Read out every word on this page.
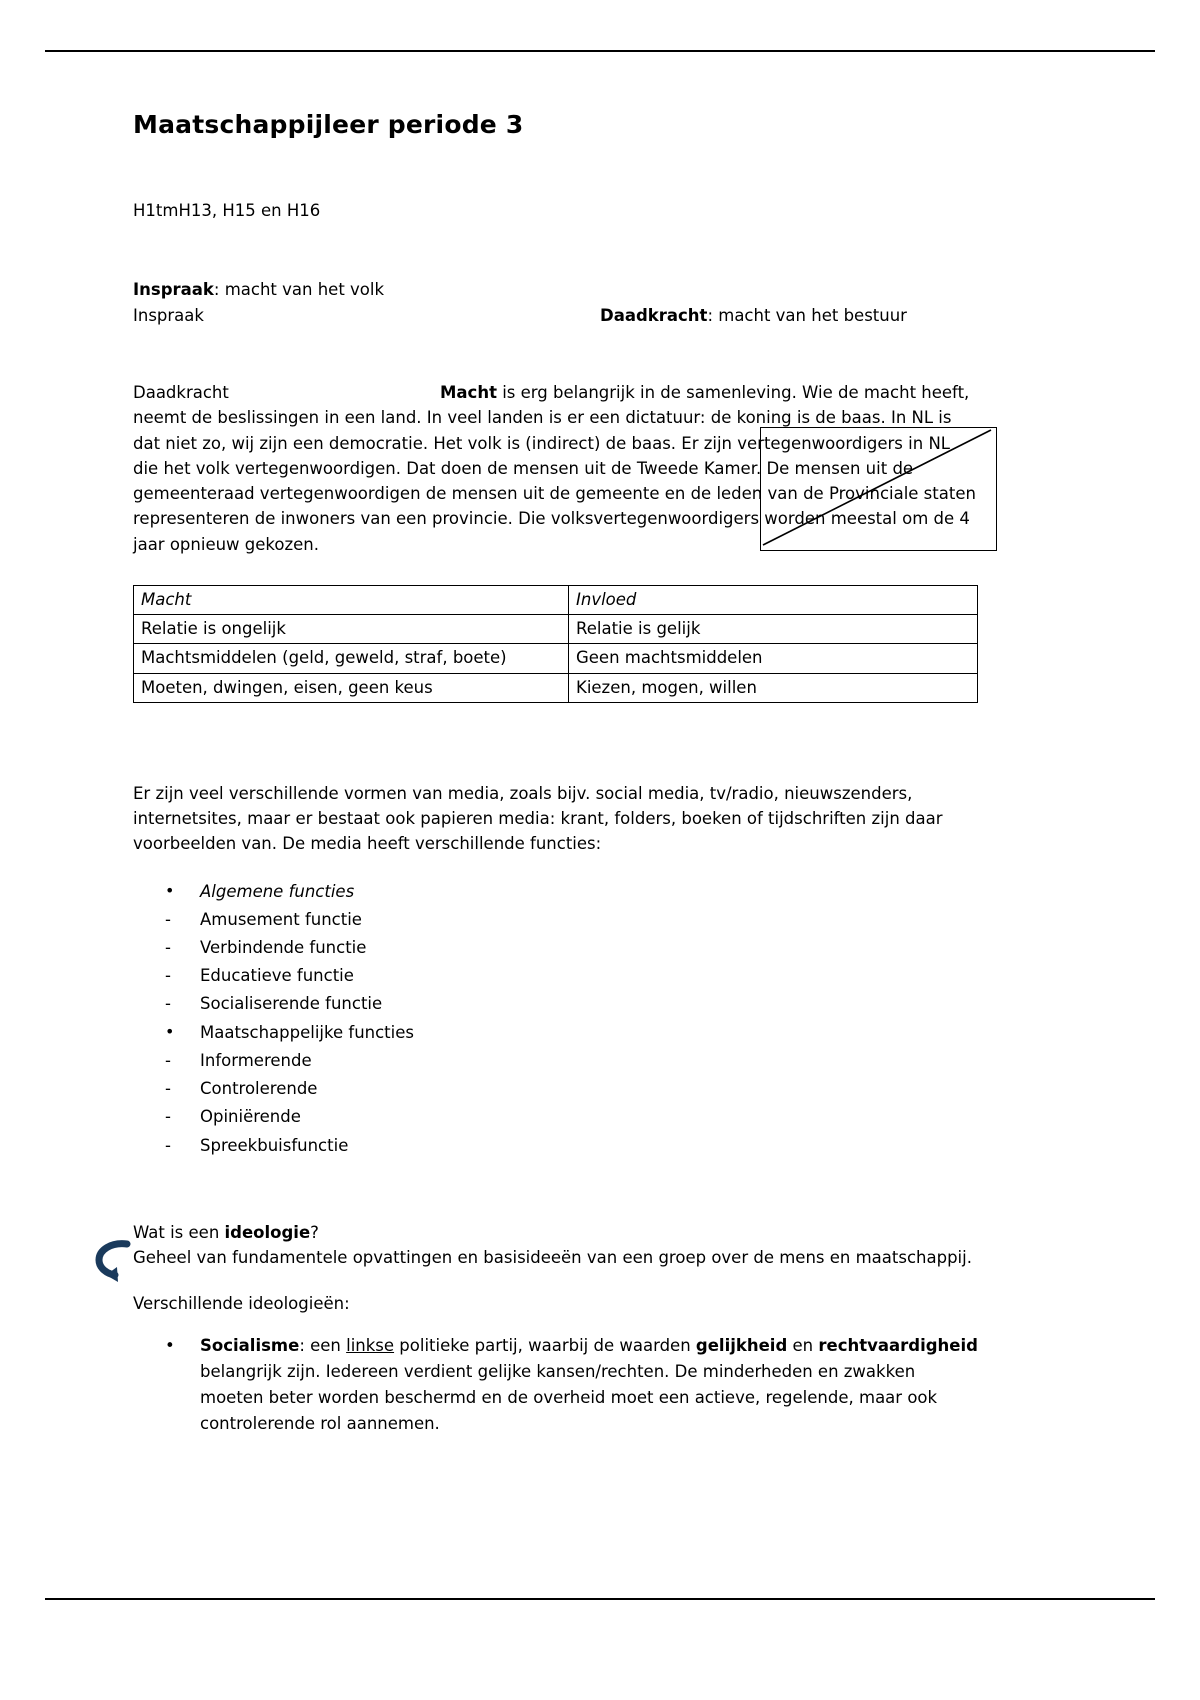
Maatschappijleer periode 3
H1tmH13, H15 en H16
Inspraak: macht van het volk
Inspraak	Daadkracht: macht van het bestuur
Daadkracht	Macht is erg belangrijk in de samenleving. Wie de macht heeft, neemt de beslissingen in een land. In veel landen is er een dictatuur: de koning is de baas. In NL is dat niet zo, wij zijn een democratie. Het volk is (indirect) de baas. Er zijn vertegenwoordigers in NL die het volk vertegenwoordigen. Dat doen de mensen uit de Tweede Kamer. De mensen uit de gemeenteraad vertegenwoordigen de mensen uit de gemeente en de leden van de Provinciale staten representeren de inwoners van een provincie. Die volksvertegenwoordigers worden meestal om de 4 jaar opnieuw gekozen.
Macht	Invloed
Relatie is ongelijk	Relatie is gelijk
Machtsmiddelen (geld, geweld, straf, boete)	Geen machtsmiddelen
Moeten, dwingen, eisen, geen keus	Kiezen, mogen, willen
Er zijn veel verschillende vormen van media, zoals bijv. social media, tv/radio, nieuwszenders, internetsites, maar er bestaat ook papieren media: krant, folders, boeken of tijdschriften zijn daar voorbeelden van. De media heeft verschillende functies:
• Algemene functies
- Amusement functie
- Verbindende functie
- Educatieve functie
- Socialiserende functie
• Maatschappelijke functies
- Informerende
- Controlerende
- Opiniërende
- Spreekbuisfunctie
Wat is een ideologie?
Geheel van fundamentele opvattingen en basisideeën van een groep over de mens en maatschappij.
Verschillende ideologieën:
• Socialisme: een linkse politieke partij, waarbij de waarden gelijkheid en rechtvaardigheid belangrijk zijn. Iedereen verdient gelijke kansen/rechten. De minderheden en zwakken moeten beter worden beschermd en de overheid moet een actieve, regelende, maar ook controlerende rol aannemen.
